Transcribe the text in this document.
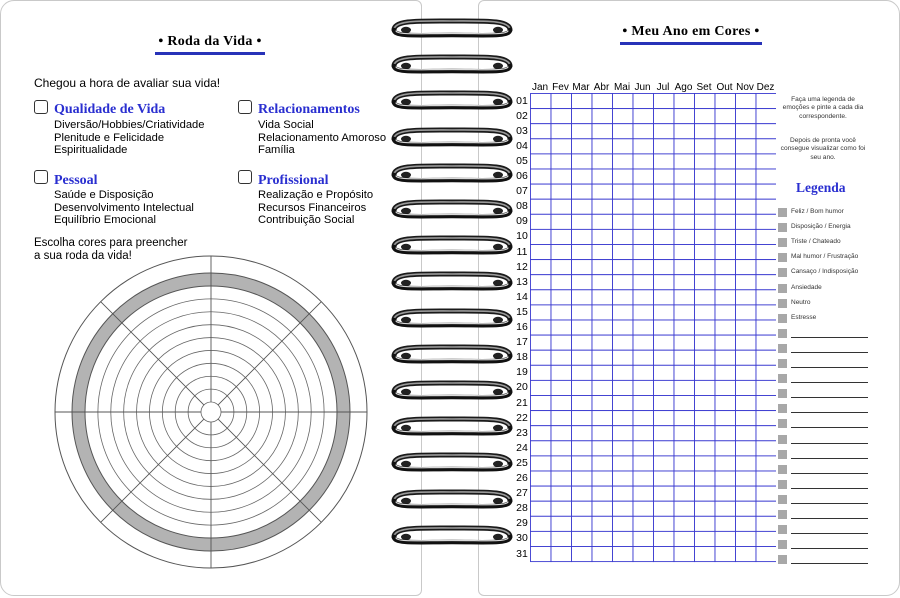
• Roda da Vida •
Chegou a hora de avaliar sua vida!
Qualidade de Vida
Diversão/Hobbies/Criatividade
Plenitude e Felicidade
Espiritualidade
Relacionamentos
Vida Social
Relacionamento Amoroso
Família
Pessoal
Saúde e Disposição
Desenvolvimento Intelectual
Equilíbrio Emocional
Profissional
Realização e Propósito
Recursos Financeiros
Contribuição Social
Escolha cores para preencher
a sua roda da vida!
• Meu Ano em Cores •
Jan Fev Mar Abr Mai Jun Jul Ago Set Out Nov Dez
01
02
03
04
05
06
07
08
09
10
11
12
13
14
15
16
17
18
19
20
21
22
23
24
25
26
27
28
29
30
31
Faça uma legenda de emoções e pinte a cada dia correspondente.
Depois de pronta você consegue visualizar como foi seu ano.
Legenda
Feliz / Bom humor
Disposição / Energia
Triste / Chateado
Mal humor / Frustração
Cansaço / Indisposição
Ansiedade
Neutro
Estresse
